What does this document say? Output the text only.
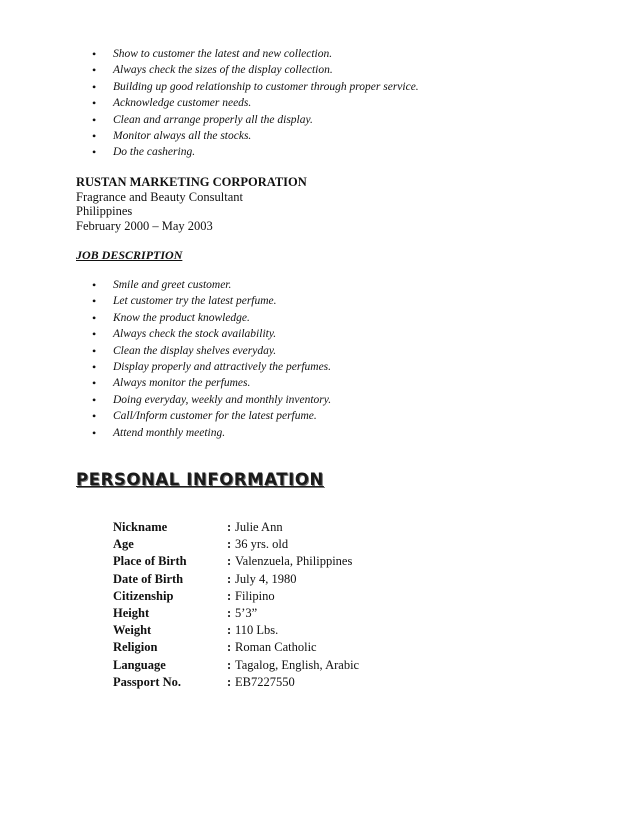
• Show to customer the latest and new collection.
• Always check the sizes of the display collection.
• Building up good relationship to customer through proper service.
• Acknowledge customer needs.
• Clean and arrange properly all the display.
• Monitor always all the stocks.
• Do the cashering.
RUSTAN MARKETING CORPORATION
Fragrance and Beauty Consultant
Philippines
February 2000 – May 2003
JOB DESCRIPTION
• Smile and greet customer.
• Let customer try the latest perfume.
• Know the product knowledge.
• Always check the stock availability.
• Clean the display shelves everyday.
• Display properly and attractively the perfumes.
• Always monitor the perfumes.
• Doing everyday, weekly and monthly inventory.
• Call/Inform customer for the latest perfume.
• Attend monthly meeting.
PERSONAL INFORMATION
Nickname	: Julie Ann
Age	: 36 yrs. old
Place of Birth	: Valenzuela, Philippines
Date of Birth	: July 4, 1980
Citizenship	: Filipino
Height	: 5’3”
Weight	: 110 Lbs.
Religion	: Roman Catholic
Language	: Tagalog, English, Arabic
Passport No.	: EB7227550
